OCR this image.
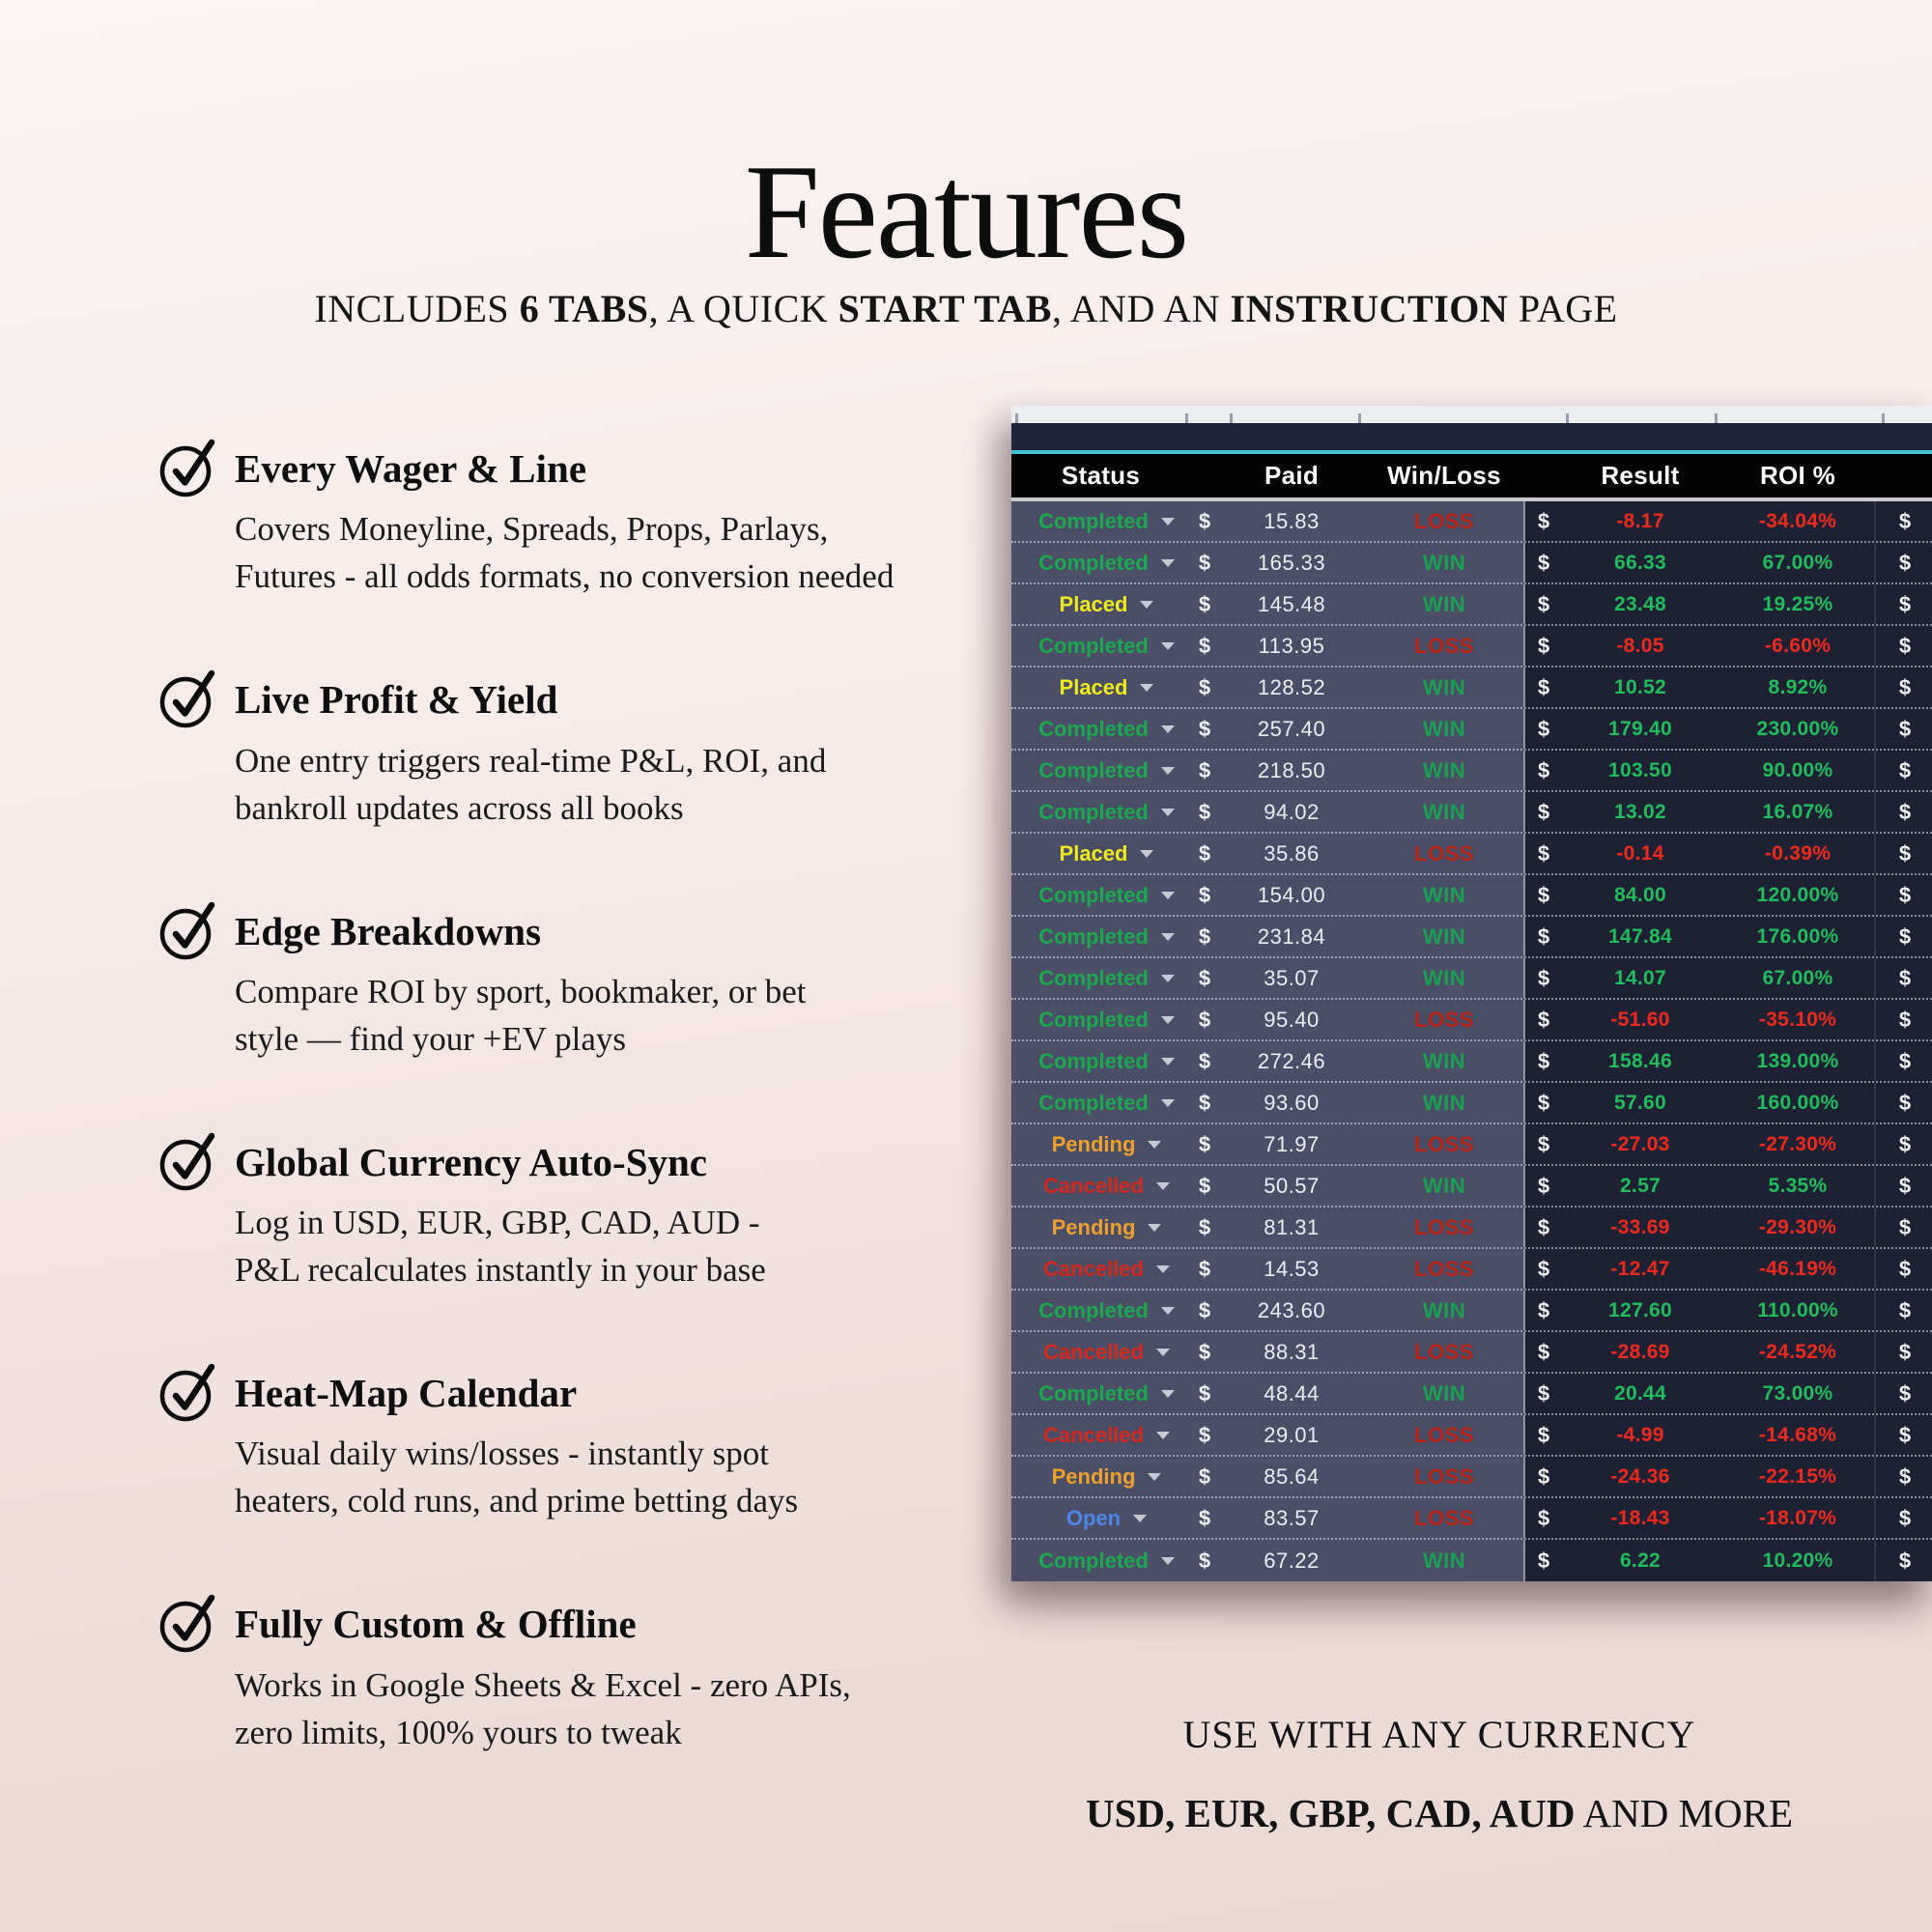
Features

INCLUDES 6 TABS, A QUICK START TAB, AND AN INSTRUCTION PAGE

Every Wager & Line
Covers Moneyline, Spreads, Props, Parlays,
Futures - all odds formats, no conversion needed
Live Profit & Yield
One entry triggers real-time P&L, ROI, and
bankroll updates across all books
Edge Breakdowns
Compare ROI by sport, bookmaker, or bet
style — find your +EV plays
Global Currency Auto-Sync
Log in USD, EUR, GBP, CAD, AUD -
P&L recalculates instantly in your base
Heat-Map Calendar
Visual daily wins/losses - instantly spot
heaters, cold runs, and prime betting days
Fully Custom & Offline
Works in Google Sheets & Excel - zero APIs,
zero limits, 100% yours to tweak
Status	Paid	Win/Loss	Result	ROI %
Completed	$	15.83	LOSS	$	-8.17	-34.04%	$
Completed	$	165.33	WIN	$	66.33	67.00%	$
Placed	$	145.48	WIN	$	23.48	19.25%	$
Completed	$	113.95	LOSS	$	-8.05	-6.60%	$
Placed	$	128.52	WIN	$	10.52	8.92%	$
Completed	$	257.40	WIN	$	179.40	230.00%	$
Completed	$	218.50	WIN	$	103.50	90.00%	$
Completed	$	94.02	WIN	$	13.02	16.07%	$
Placed	$	35.86	LOSS	$	-0.14	-0.39%	$
Completed	$	154.00	WIN	$	84.00	120.00%	$
Completed	$	231.84	WIN	$	147.84	176.00%	$
Completed	$	35.07	WIN	$	14.07	67.00%	$
Completed	$	95.40	LOSS	$	-51.60	-35.10%	$
Completed	$	272.46	WIN	$	158.46	139.00%	$
Completed	$	93.60	WIN	$	57.60	160.00%	$
Pending	$	71.97	LOSS	$	-27.03	-27.30%	$
Cancelled	$	50.57	WIN	$	2.57	5.35%	$
Pending	$	81.31	LOSS	$	-33.69	-29.30%	$
Cancelled	$	14.53	LOSS	$	-12.47	-46.19%	$
Completed	$	243.60	WIN	$	127.60	110.00%	$
Cancelled	$	88.31	LOSS	$	-28.69	-24.52%	$
Completed	$	48.44	WIN	$	20.44	73.00%	$
Cancelled	$	29.01	LOSS	$	-4.99	-14.68%	$
Pending	$	85.64	LOSS	$	-24.36	-22.15%	$
Open	$	83.57	LOSS	$	-18.43	-18.07%	$
Completed	$	67.22	WIN	$	6.22	10.20%	$
USE WITH ANY CURRENCY
USD, EUR, GBP, CAD, AUD AND MORE
